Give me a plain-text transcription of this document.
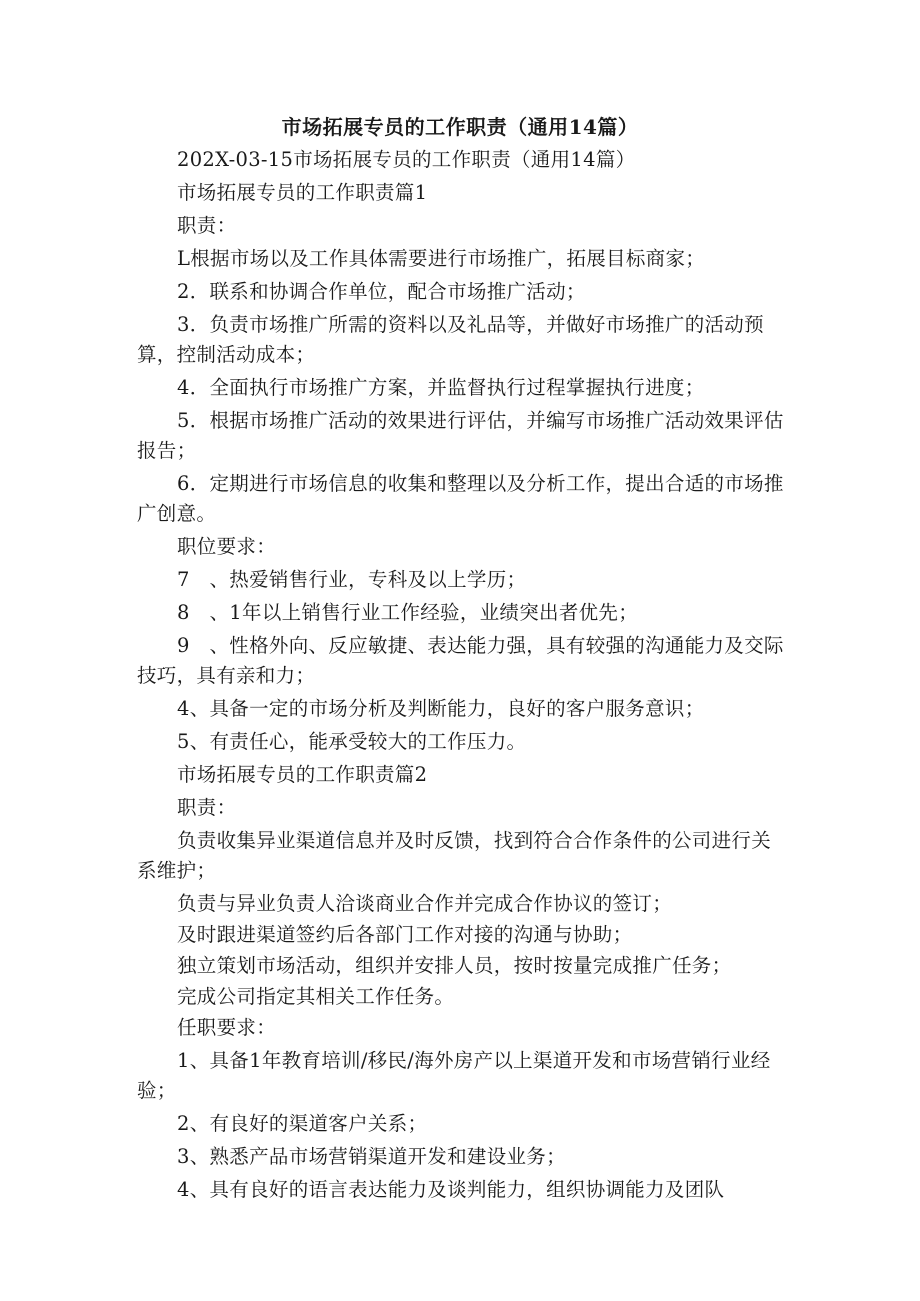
市场拓展专员的工作职责（通用14篇）

202X-03-15市场拓展专员的工作职责（通用14篇）

市场拓展专员的工作职责篇1

职责：

L根据市场以及工作具体需要进行市场推广，拓展目标商家；

2．联系和协调合作单位，配合市场推广活动；

3．负责市场推广所需的资料以及礼品等，并做好市场推广的活动预算，控制活动成本；

4．全面执行市场推广方案，并监督执行过程掌握执行进度；

5．根据市场推广活动的效果进行评估，并编写市场推广活动效果评估报告；

6．定期进行市场信息的收集和整理以及分析工作，提出合适的市场推广创意。

职位要求：

7　、热爱销售行业，专科及以上学历；

8　、1年以上销售行业工作经验，业绩突出者优先；

9　、性格外向、反应敏捷、表达能力强，具有较强的沟通能力及交际技巧，具有亲和力；

4、具备一定的市场分析及判断能力，良好的客户服务意识；

5、有责任心，能承受较大的工作压力。

市场拓展专员的工作职责篇2

职责：

负责收集异业渠道信息并及时反馈，找到符合合作条件的公司进行关系维护；

负责与异业负责人洽谈商业合作并完成合作协议的签订；

及时跟进渠道签约后各部门工作对接的沟通与协助；

独立策划市场活动，组织并安排人员，按时按量完成推广任务；

完成公司指定其相关工作任务。

任职要求：

1、具备1年教育培训/移民/海外房产以上渠道开发和市场营销行业经验；

2、有良好的渠道客户关系；

3、熟悉产品市场营销渠道开发和建设业务；

4、具有良好的语言表达能力及谈判能力，组织协调能力及团队
